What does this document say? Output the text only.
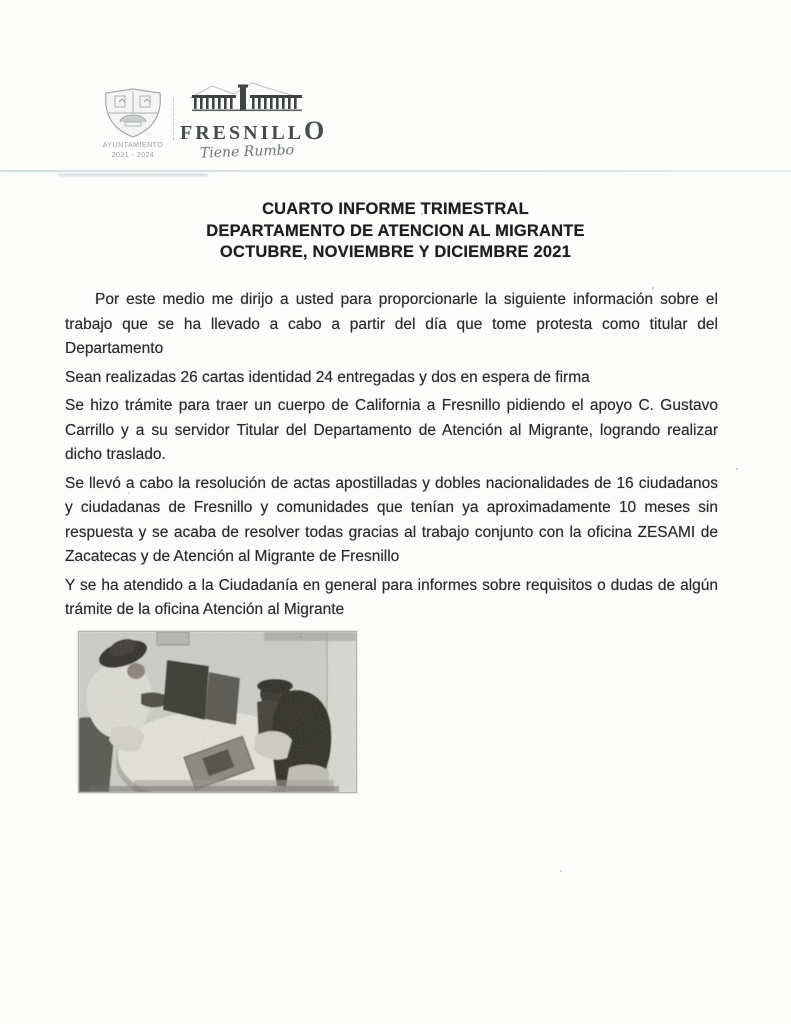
AYUNTAMIENTO
2021 - 2024
FRESNILLO
Tiene Rumbo
CUARTO INFORME TRIMESTRAL
DEPARTAMENTO DE ATENCION AL MIGRANTE
OCTUBRE, NOVIEMBRE Y DICIEMBRE 2021

Por este medio me dirijo a usted para proporcionarle la siguiente información sobre el trabajo que se ha llevado a cabo a partir del día que tome protesta como titular del Departamento

Sean realizadas 26 cartas identidad 24 entregadas y dos en espera de firma

Se hizo trámite para traer un cuerpo de California a Fresnillo pidiendo el apoyo C. Gustavo Carrillo y a su servidor Titular del Departamento de Atención al Migrante, logrando realizar dicho traslado.

Se llevó a cabo la resolución de actas apostilladas y dobles nacionalidades de 16 ciudadanos y ciudadanas de Fresnillo y comunidades que tenían ya aproximadamente 10 meses sin respuesta y se acaba de resolver todas gracias al trabajo conjunto con la oficina ZESAMI de Zacatecas y de Atención al Migrante de Fresnillo

Y se ha atendido a la Ciudadanía en general para informes sobre requisitos o dudas de algún trámite de la oficina Atención al Migrante
